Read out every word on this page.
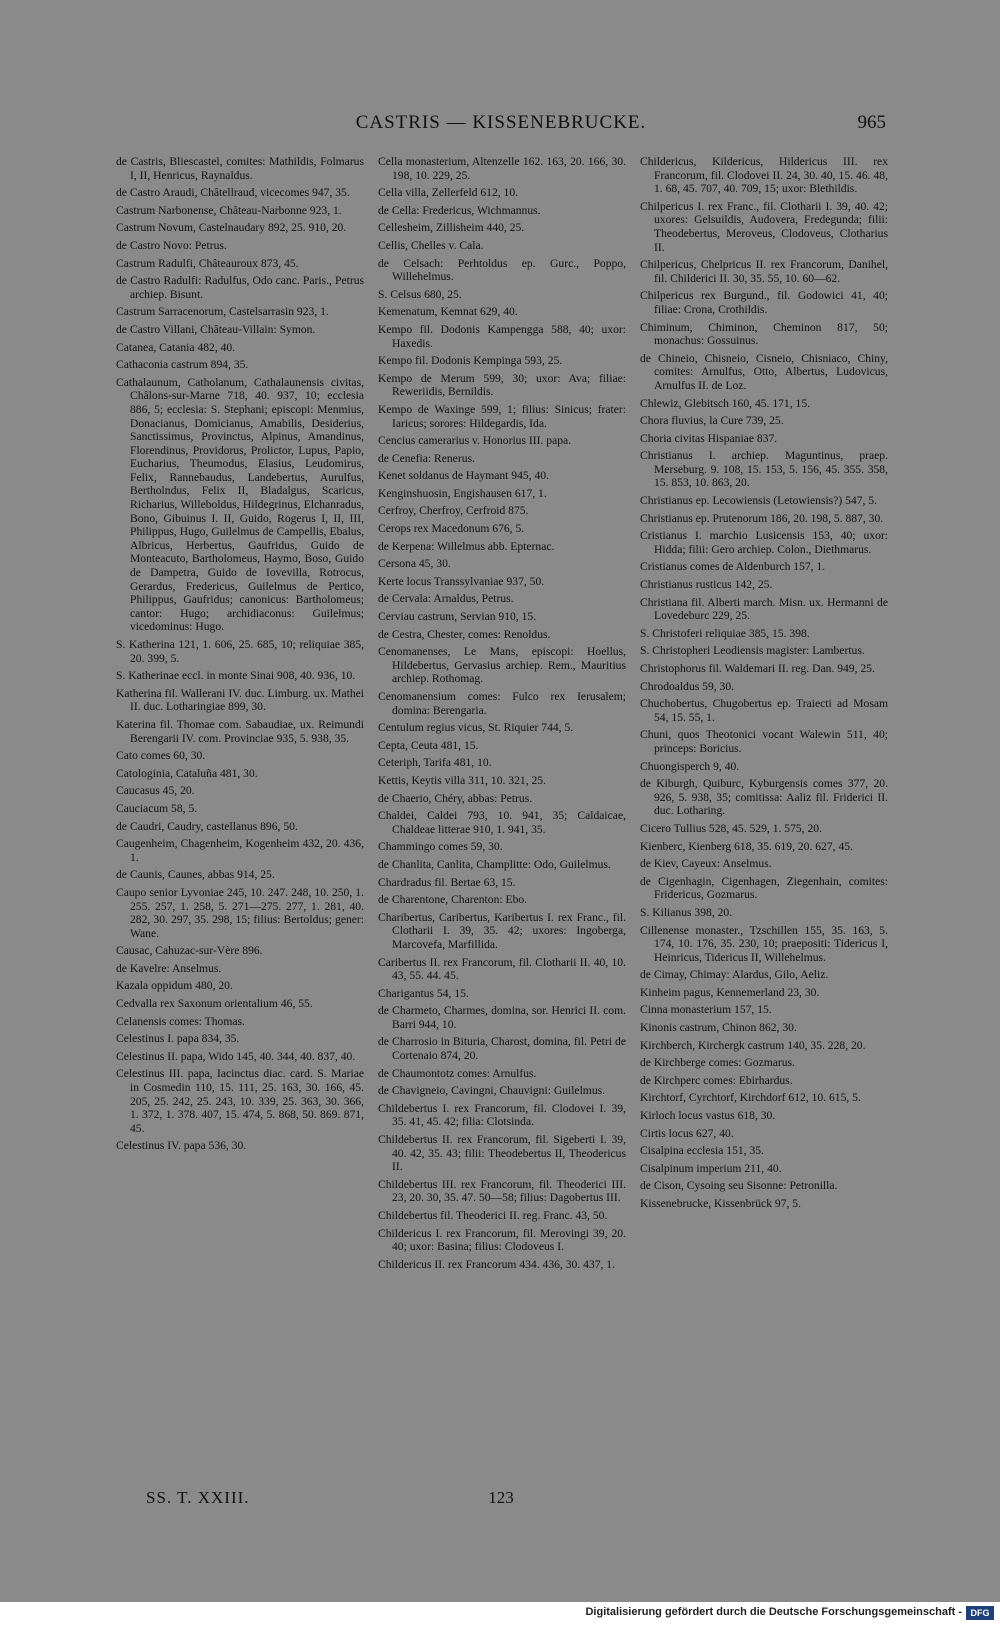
CASTRIS — KISSENEBRUCKE.	965

de Castris, Bliescastel, comites: Mathildis, Folmarus I, II, Henricus, Raynaldus.

de Castro Araudi, Châtellraud, vicecomes 947, 35.

Castrum Narbonense, Château-Narbonne 923, 1.

Castrum Novum, Castelnaudary 892, 25. 910, 20.

de Castro Novo: Petrus.

Castrum Radulfi, Châteauroux 873, 45.

de Castro Radulfi: Radulfus, Odo canc. Paris., Petrus archiep. Bisunt.

Castrum Sarracenorum, Castelsarrasin 923, 1.

de Castro Villani, Château-Villain: Symon.

Catanea, Catania 482, 40.

Cathaconia castrum 894, 35.

Cathalaunum, Catholanum, Cathalaunensis civitas, Châlons-sur-Marne 718, 40. 937, 10; ecclesia 886, 5; ecclesia: S. Stephani; episcopi: Menmius, Donacianus, Domicianus, Amabilis, Desiderius, Sanctissimus, Provinctus, Alpinus, Amandinus, Florendinus, Providorus, Prolictor, Lupus, Papio, Eucharius, Theumodus, Elasius, Leudomirus, Felix, Rannebaudus, Landebertus, Aurulfus, Bertholndus, Felix II, Bladalgus, Scaricus, Richarius, Willeboldus, Hildegrinus, Elchanradus, Bono, Gibuinus I. II, Guido, Rogerus I, II, III, Philippus, Hugo, Guilelmus de Campellis, Ebalus, Albricus, Herbertus, Gaufridus, Guido de Monteacuto, Bartholomeus, Haymo, Boso, Guido de Dampetra, Guido de Iovevilla, Rotrocus, Gerardus, Fredericus, Guilelmus de Pertico, Philippus, Gaufridus; canonicus: Bartholomeus; cantor: Hugo; archidiaconus: Guilelmus; vicedominus: Hugo.

S. Katherina 121, 1. 606, 25. 685, 10; reliquiae 385, 20. 399, 5.

S. Katherinae eccl. in monte Sinai 908, 40. 936, 10.

Katherina fil. Wallerani IV. duc. Limburg. ux. Mathei II. duc. Lotharingiae 899, 30.

Katerina fil. Thomae com. Sabaudiae, ux. Reimundi Berengarii IV. com. Provinciae 935, 5. 938, 35.

Cato comes 60, 30.

Catologinia, Cataluña 481, 30.

Caucasus 45, 20.

Cauciacum 58, 5.

de Caudri, Caudry, castellanus 896, 50.

Caugenheim, Chagenheim, Kogenheim 432, 20. 436, 1.

de Caunis, Caunes, abbas 914, 25.

Caupo senior Lyvoniae 245, 10. 247. 248, 10. 250, 1. 255. 257, 1. 258, 5. 271—275. 277, 1. 281, 40. 282, 30. 297, 35. 298, 15; filius: Bertoldus; gener: Wane.

Causac, Cahuzac-sur-Vère 896.

de Kavelre: Anselmus.

Kazala oppidum 480, 20.

Cedvalla rex Saxonum orientalium 46, 55.

Celanensis comes: Thomas.

Celestinus I. papa 834, 35.

Celestinus II. papa, Wido 145, 40. 344, 40. 837, 40.

Celestinus III. papa, Iacinctus diac. card. S. Mariae in Cosmedin 110, 15. 111, 25. 163, 30. 166, 45. 205, 25. 242, 25. 243, 10. 339, 25. 363, 30. 366, 1. 372, 1. 378. 407, 15. 474, 5. 868, 50. 869. 871, 45.

Celestinus IV. papa 536, 30.

Cella monasterium, Altenzelle 162. 163, 20. 166, 30. 198, 10. 229, 25.

Cella villa, Zellerfeld 612, 10.

de Cella: Fredericus, Wichmannus.

Cellesheim, Zillisheim 440, 25.

Cellis, Chelles v. Cala.

de Celsach: Perhtoldus ep. Gurc., Poppo, Willehelmus.

S. Celsus 680, 25.

Kemenatum, Kemnat 629, 40.

Kempo fil. Dodonis Kampengga 588, 40; uxor: Haxedis.

Kempo fil. Dodonis Kempinga 593, 25.

Kempo de Merum 599, 30; uxor: Ava; filiae: Reweriidis, Bernildis.

Kempo de Waxinge 599, 1; filius: Sinicus; frater: Iaricus; sorores: Hildegardis, Ida.

Cencius camerarius v. Honorius III. papa.

de Cenefia: Renerus.

Kenet soldanus de Haymant 945, 40.

Kenginshuosin, Engishausen 617, 1.

Cerfroy, Cherfroy, Cerfroid 875.

Cerops rex Macedonum 676, 5.

de Kerpena: Willelmus abb. Epternac.

Cersona 45, 30.

Kerte locus Transsylvaniae 937, 50.

de Cervala: Arnaldus, Petrus.

Cerviau castrum, Servian 910, 15.

de Cestra, Chester, comes: Renoldus.

Cenomanenses, Le Mans, episcopi: Hoellus, Hildebertus, Gervasius archiep. Rem., Mauritius archiep. Rothomag.

Cenomanensium comes: Fulco rex Ierusalem; domina: Berengaria.

Centulum regius vicus, St. Riquier 744, 5.

Cepta, Ceuta 481, 15.

Ceteriph, Tarifa 481, 10.

Kettis, Keytis villa 311, 10. 321, 25.

de Chaerio, Chéry, abbas: Petrus.

Chaldei, Caldei 793, 10. 941, 35; Caldaicae, Chaldeae litterae 910, 1. 941, 35.

Chammingo comes 59, 30.

de Chanlita, Canlita, Champlitte: Odo, Guilelmus.

Chardradus fil. Bertae 63, 15.

de Charentone, Charenton: Ebo.

Charibertus, Caribertus, Karibertus I. rex Franc., fil. Clotharii I. 39, 35. 42; uxores: Ingoberga, Marcovefa, Marfillida.

Caribertus II. rex Francorum, fil. Clotharii II. 40, 10. 43, 55. 44. 45.

Charigantus 54, 15.

de Charmeto, Charmes, domina, sor. Henrici II. com. Barri 944, 10.

de Charrosio in Bituria, Charost, domina, fil. Petri de Cortenaio 874, 20.

de Chaumontotz comes: Arnulfus.

de Chavigneio, Cavingni, Chauvigni: Guilelmus.

Childebertus I. rex Francorum, fil. Clodovei I. 39, 35. 41, 45. 42; filia: Clotsinda.

Childebertus II. rex Francorum, fil. Sigeberti I. 39, 40. 42, 35. 43; filii: Theodebertus II, Theodericus II.

Childebertus III. rex Francorum, fil. Theoderici III. 23, 20. 30, 35. 47. 50—58; filius: Dagobertus III.

Childebertus fil. Theoderici II. reg. Franc. 43, 50.

Childericus I. rex Francorum, fil. Merovingi 39, 20. 40; uxor: Basina; filius: Clodoveus I.

Childericus II. rex Francorum 434. 436, 30. 437, 1.

Childericus, Kildericus, Hildericus III. rex Francorum, fil. Clodovei II. 24, 30. 40, 15. 46. 48, 1. 68, 45. 707, 40. 709, 15; uxor: Blethildis.

Chilpericus I. rex Franc., fil. Clotharii I. 39, 40. 42; uxores: Gelsuildis, Audovera, Fredegunda; filii: Theodebertus, Meroveus, Clodoveus, Clotharius II.

Chilpericus, Chelpricus II. rex Francorum, Danihel, fil. Childerici II. 30, 35. 55, 10. 60—62.

Chilpericus rex Burgund., fil. Godowici 41, 40; filiae: Crona, Crothildis.

Chiminum, Chiminon, Cheminon 817, 50; monachus: Gossuinus.

de Chineio, Chisneio, Cisneio, Chisniaco, Chiny, comites: Arnulfus, Otto, Albertus, Ludovicus, Arnulfus II. de Loz.

Chlewiz, Glebitsch 160, 45. 171, 15.

Chora fluvius, la Cure 739, 25.

Choria civitas Hispaniae 837.

Christianus I. archiep. Maguntinus, praep. Merseburg. 9. 108, 15. 153, 5. 156, 45. 355. 358, 15. 853, 10. 863, 20.

Christianus ep. Lecowiensis (Letowiensis?) 547, 5.

Christianus ep. Prutenorum 186, 20. 198, 5. 887, 30.

Cristianus I. marchio Lusicensis 153, 40; uxor: Hidda; filii: Gero archiep. Colon., Diethmarus.

Cristianus comes de Aldenburch 157, 1.

Christianus rusticus 142, 25.

Christiana fil. Alberti march. Misn. ux. Hermanni de Lovedeburc 229, 25.

S. Christoferi reliquiae 385, 15. 398.

S. Christopheri Leodiensis magister: Lambertus.

Christophorus fil. Waldemari II. reg. Dan. 949, 25.

Chrodoaldus 59, 30.

Chuchobertus, Chugobertus ep. Traiecti ad Mosam 54, 15. 55, 1.

Chuni, quos Theotonici vocant Walewin 511, 40; princeps: Boricius.

Chuongisperch 9, 40.

de Kiburgh, Quiburc, Kyburgensis comes 377, 20. 926, 5. 938, 35; comitissa: Aaliz fil. Friderici II. duc. Lotharing.

Cicero Tullius 528, 45. 529, 1. 575, 20.

Kienberc, Kienberg 618, 35. 619, 20. 627, 45.

de Kiev, Cayeux: Anselmus.

de Cigenhagin, Cigenhagen, Ziegenhain, comites: Fridericus, Gozmarus.

S. Kilianus 398, 20.

Cillenense monaster., Tzschillen 155, 35. 163, 5. 174, 10. 176, 35. 230, 10; praepositi: Tidericus I, Heinricus, Tidericus II, Willehelmus.

de Cimay, Chimay: Alardus, Gilo, Aeliz.

Kinheim pagus, Kennemerland 23, 30.

Cinna monasterium 157, 15.

Kinonis castrum, Chinon 862, 30.

Kirchberch, Kirchergk castrum 140, 35. 228, 20.

de Kirchberge comes: Gozmarus.

de Kirchperc comes: Ebirhardus.

Kirchtorf, Cyrchtorf, Kirchdorf 612, 10. 615, 5.

Kirloch locus vastus 618, 30.

Cirtis locus 627, 40.

Cisalpina ecclesia 151, 35.

Cisalpinum imperium 211, 40.

de Cison, Cysoing seu Sisonne: Petronilla.

Kissenebrucke, Kissenbrück 97, 5.

SS. T. XXIII.	123
Digitalisierung gefördert durch die Deutsche Forschungsgemeinschaft - DFG
